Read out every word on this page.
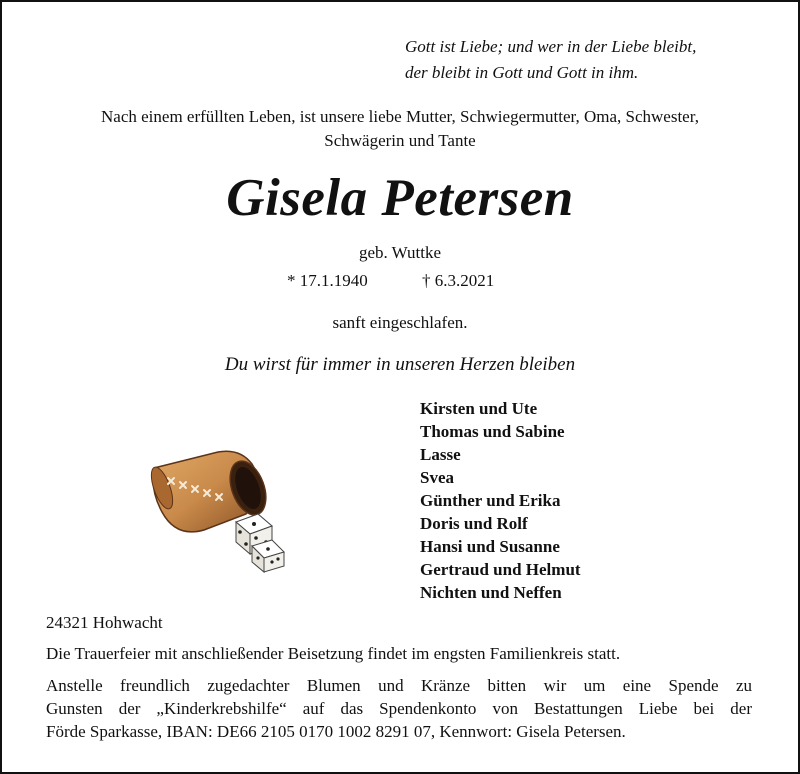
Gott ist Liebe; und wer in der Liebe bleibt,
der bleibt in Gott und Gott in ihm.
Nach einem erfüllten Leben, ist unsere liebe Mutter, Schwiegermutter, Oma, Schwester,
Schwägerin und Tante
Gisela Petersen
geb. Wuttke
* 17.1.1940	† 6.3.2021
sanft eingeschlafen.
Du wirst für immer in unseren Herzen bleiben
Kirsten und Ute
Thomas und Sabine
Lasse
Svea
Günther und Erika
Doris und Rolf
Hansi und Susanne
Gertraud und Helmut
Nichten und Neffen
24321 Hohwacht
Die Trauerfeier mit anschließender Beisetzung findet im engsten Familienkreis statt.
Anstelle freundlich zugedachter Blumen und Kränze bitten wir um eine Spende zu
Gunsten der „Kinderkrebshilfe“ auf das Spendenkonto von Bestattungen Liebe bei der
Förde Sparkasse, IBAN: DE66 2105 0170 1002 8291 07, Kennwort: Gisela Petersen.
